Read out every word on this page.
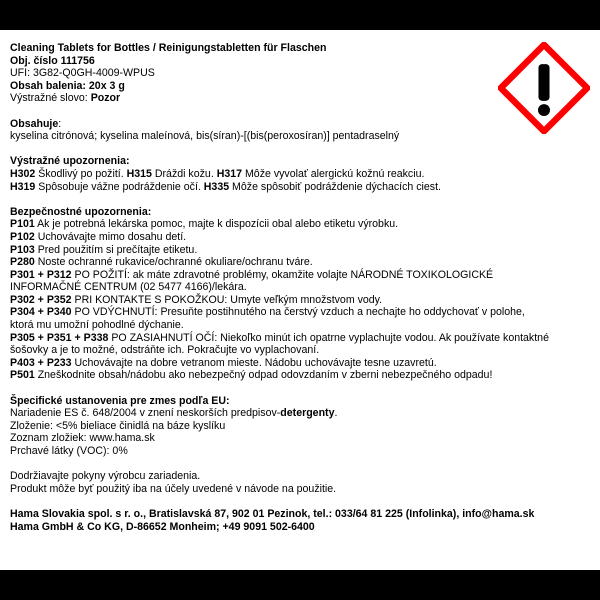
Cleaning Tablets for Bottles / Reinigungstabletten für Flaschen
Obj. číslo 111756
UFI: 3G82-Q0GH-4009-WPUS
Obsah balenia: 20x 3 g
Výstražné slovo: Pozor
Obsahuje:
kyselina citrónová; kyselina maleínová, bis(síran)-[(bis(peroxosíran)] pentadraselný
Výstražné upozornenia:
H302 Škodlivý po požití. H315 Dráždi kožu. H317 Môže vyvolať alergickú kožnú reakciu.
H319 Spôsobuje vážne podráždenie očí. H335 Môže spôsobiť podráždenie dýchacích ciest.
Bezpečnostné upozornenia:
P101 Ak je potrebná lekárska pomoc, majte k dispozícii obal alebo etiketu výrobku.
P102 Uchovávajte mimo dosahu detí.
P103 Pred použitím si prečítajte etiketu.
P280 Noste ochranné rukavice/ochranné okuliare/ochranu tváre.
P301 + P312 PO POŽITÍ: ak máte zdravotné problémy, okamžite volajte NÁRODNÉ TOXIKOLOGICKÉ
INFORMAČNÉ CENTRUM (02 5477 4166)/lekára.
P302 + P352 PRI KONTAKTE S POKOŽKOU: Umyte veľkým množstvom vody.
P304 + P340 PO VDÝCHNUTÍ: Presuňte postihnutého na čerstvý vzduch a nechajte ho oddychovať v polohe,
ktorá mu umožní pohodlné dýchanie.
P305 + P351 + P338 PO ZASIAHNUTÍ OČÍ: Niekoľko minút ich opatrne vyplachujte vodou. Ak používate kontaktné
šošovky a je to možné, odstráňte ich. Pokračujte vo vyplachovaní.
P403 + P233 Uchovávajte na dobre vetranom mieste. Nádobu uchovávajte tesne uzavretú.
P501 Zneškodnite obsah/nádobu ako nebezpečný odpad odovzdaním v zberni nebezpečného odpadu!
Špecifické ustanovenia pre zmes podľa EU:
Nariadenie ES č. 648/2004 v znení neskorších predpisov-detergenty.
Zloženie: <5% bieliace činidlá na báze kyslíku
Zoznam zložiek: www.hama.sk
Prchavé látky (VOC): 0%
Dodržiavajte pokyny výrobcu zariadenia.
Produkt môže byť použitý iba na účely uvedené v návode na použitie.
Hama Slovakia spol. s r. o., Bratislavská 87, 902 01 Pezinok, tel.: 033/64 81 225 (Infolinka), info@hama.sk
Hama GmbH & Co KG, D-86652 Monheim; +49 9091 502-6400
